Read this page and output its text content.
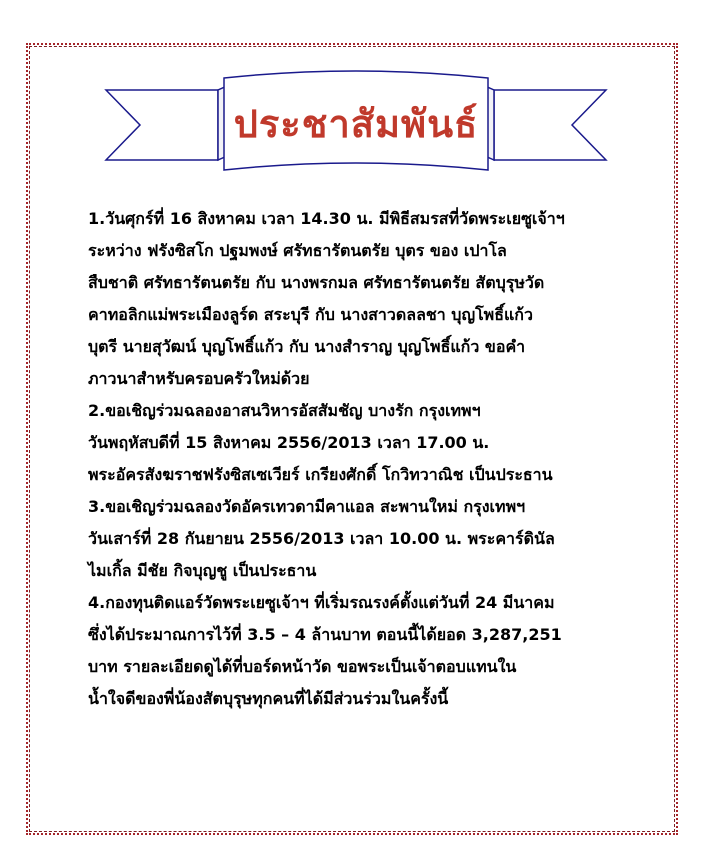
ประชาสัมพันธ์

1.วันศุกร์ที่ 16 สิงหาคม เวลา 14.30 น. มีพิธีสมรสที่วัดพระเยซูเจ้าฯ

ระหว่าง ฟรังซิสโก ปฐมพงษ์ ศรัทธารัตนตรัย บุตร ของ เปาโล

สืบชาติ ศรัทธารัตนตรัย กับ นางพรกมล ศรัทธารัตนตรัย สัตบุรุษวัด

คาทอลิกแม่พระเมืองลูร์ด สระบุรี กับ นางสาวดลลชา บุญโพธิ์แก้ว

บุตรี นายสุวัฒน์ บุญโพธิ์แก้ว กับ นางสำราญ บุญโพธิ์แก้ว ขอคำ

ภาวนาสำหรับครอบครัวใหม่ด้วย

2.ขอเชิญร่วมฉลองอาสนวิหารอัสสัมชัญ บางรัก กรุงเทพฯ

วันพฤหัสบดีที่ 15 สิงหาคม 2556/2013 เวลา 17.00 น.

พระอัครสังฆราชฟรังซิสเซเวียร์ เกรียงศักดิ์ โกวิทวาณิช เป็นประธาน

3.ขอเชิญร่วมฉลองวัดอัครเทวดามีคาแอล สะพานใหม่ กรุงเทพฯ

วันเสาร์ที่ 28 กันยายน 2556/2013 เวลา 10.00 น. พระคาร์ดินัล

ไมเกิ้ล มีชัย กิจบุญชู เป็นประธาน

4.กองทุนติดแอร์วัดพระเยซูเจ้าฯ ที่เริ่มรณรงค์ตั้งแต่วันที่ 24 มีนาคม

ซึ่งได้ประมาณการไว้ที่ 3.5 – 4 ล้านบาท ตอนนี้ได้ยอด 3,287,251

บาท รายละเอียดดูได้ที่บอร์ดหน้าวัด ขอพระเป็นเจ้าตอบแทนใน

น้ำใจดีของพี่น้องสัตบุรุษทุกคนที่ได้มีส่วนร่วมในครั้งนี้
